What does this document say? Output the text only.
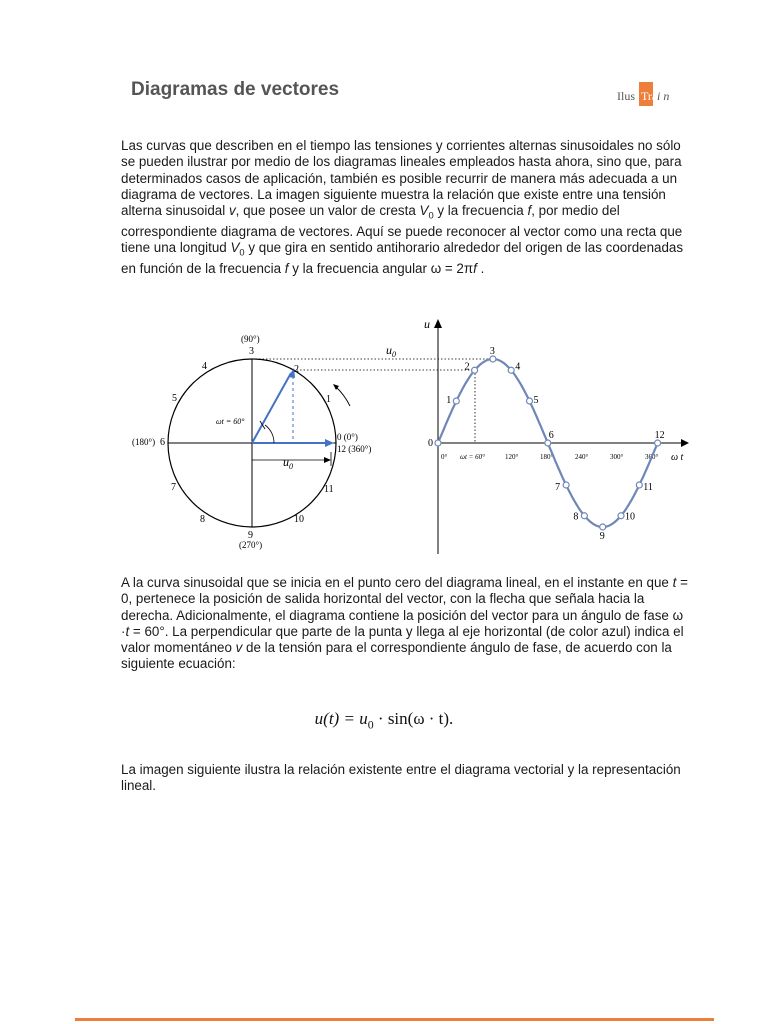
Diagramas de vectores	Ilus Tra i n
Las curvas que describen en el tiempo las tensiones y corrientes alternas sinusoidales no sólo se pueden ilustrar por medio de los diagramas lineales empleados hasta ahora, sino que, para determinados casos de aplicación, también es posible recurrir de manera más adecuada a un diagrama de vectores. La imagen siguiente muestra la relación que existe entre una tensión alterna sinusoidal v, que posee un valor de cresta $V_0$ y la frecuencia f, por medio del correspondiente diagrama de vectores. Aquí se puede reconocer al vector como una recta que tiene una longitud $V_0$ y que gira en sentido antihorario alrededor del origen de las coordenadas en función de la frecuencia f y la frecuencia angular ω = 2πf .
ωt = 60°
$u_0$
(90°)
3
4	2
5	1
(180°) 6	0 (0°)
12 (360°)
7	11
8	10
9
(270°)
$u_0$
u
ω t
0° ωt = 60°	120°	180°	240°	300°	360°
0
1
2
3
4
5
6
7
8
9
10
11
12
A la curva sinusoidal que se inicia en el punto cero del diagrama lineal, en el instante en que t = 0, pertenece la posición de salida horizontal del vector, con la flecha que señala hacia la derecha. Adicionalmente, el diagrama contiene la posición del vector para un ángulo de fase ω ·t = 60°. La perpendicular que parte de la punta y llega al eje horizontal (de color azul) indica el valor momentáneo v de la tensión para el correspondiente ángulo de fase, de acuerdo con la siguiente ecuación:
$u(t) = u_0 \cdot \sin(\omega \cdot t)$.
La imagen siguiente ilustra la relación existente entre el diagrama vectorial y la representación lineal.
